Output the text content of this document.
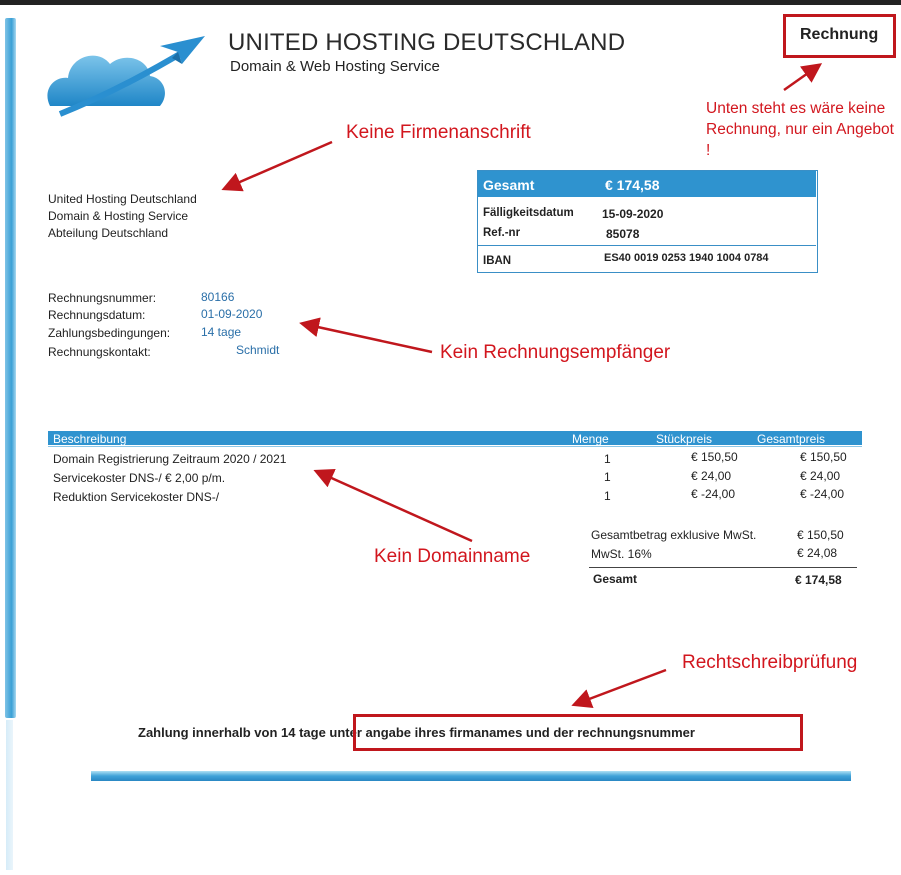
UNITED HOSTING DEUTSCHLAND
Domain & Web Hosting Service
Rechnung
United Hosting Deutschland
Domain & Hosting Service
Abteilung Deutschland
Gesamt	€ 174,58
Fälligkeitsdatum 15-09-2020
Ref.-nr	85078
IBAN	ES40 0019 0253 1940 1004 0784
Rechnungsnummer:	80166
Rechnungsdatum:	01-09-2020
Zahlungsbedingungen:	14 tage
Rechnungskontakt:	Schmidt
Beschreibung	Menge	Stückpreis	Gesamtpreis
Domain Registrierung Zeitraum 2020 / 2021	1	€ 150,50	€ 150,50
Servicekoster DNS-/ € 2,00 p/m.	1	€ 24,00	€ 24,00
Reduktion Servicekoster DNS-/	1	€ -24,00	€ -24,00
Gesamtbetrag exklusive MwSt.	€ 150,50
MwSt. 16%	€ 24,08
Gesamt	€ 174,58
Zahlung innerhalb von 14 tage unter angabe ihres firmanames und der rechnungsnummer
Unten steht es wäre keine Rechnung, nur ein Angebot !
Keine Firmenanschrift
Kein Rechnungsempfänger
Kein Domainname
Rechtschreibprüfung
